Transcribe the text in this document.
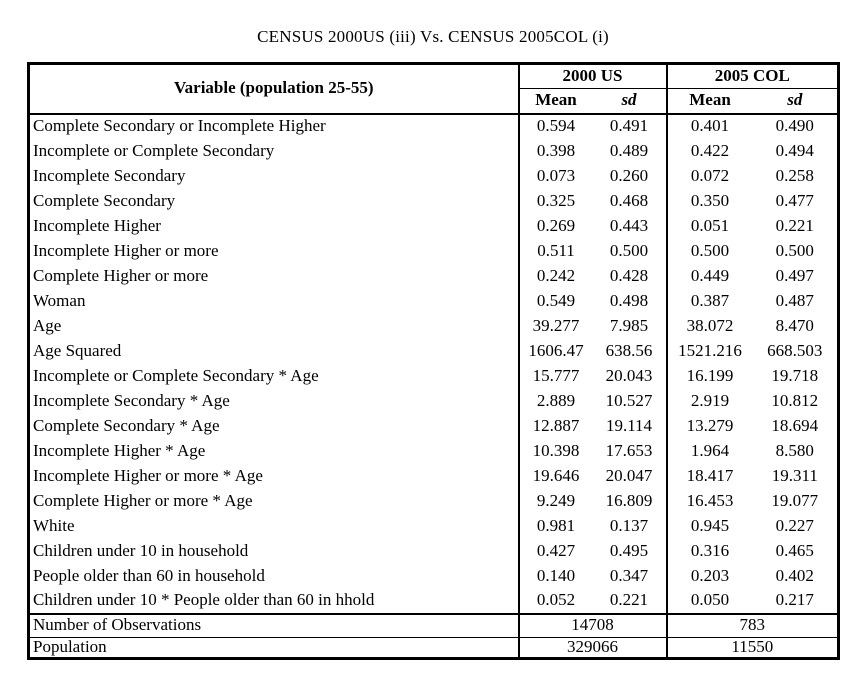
CENSUS 2000US (iii) Vs. CENSUS 2005COL (i)
Variable (population 25-55)	2000 US		2005 COL	
	Mean	sd	Mean	sd
Complete Secondary or Incomplete Higher	0.594	0.491	0.401	0.490
Incomplete or Complete Secondary	0.398	0.489	0.422	0.494
Incomplete Secondary	0.073	0.260	0.072	0.258
Complete Secondary	0.325	0.468	0.350	0.477
Incomplete Higher	0.269	0.443	0.051	0.221
Incomplete Higher or more	0.511	0.500	0.500	0.500
Complete Higher or more	0.242	0.428	0.449	0.497
Woman	0.549	0.498	0.387	0.487
Age	39.277	7.985	38.072	8.470
Age Squared	1606.47	638.56	1521.216	668.503
Incomplete or Complete Secondary * Age	15.777	20.043	16.199	19.718
Incomplete Secondary * Age	2.889	10.527	2.919	10.812
Complete Secondary * Age	12.887	19.114	13.279	18.694
Incomplete Higher * Age	10.398	17.653	1.964	8.580
Incomplete Higher or more * Age	19.646	20.047	18.417	19.311
Complete Higher or more * Age	9.249	16.809	16.453	19.077
White	0.981	0.137	0.945	0.227
Children under 10 in household	0.427	0.495	0.316	0.465
People older than 60 in household	0.140	0.347	0.203	0.402
Children under 10 * People older than 60 in hhold	0.052	0.221	0.050	0.217
Number of Observations	14708		783	
Population	329066		11550	
